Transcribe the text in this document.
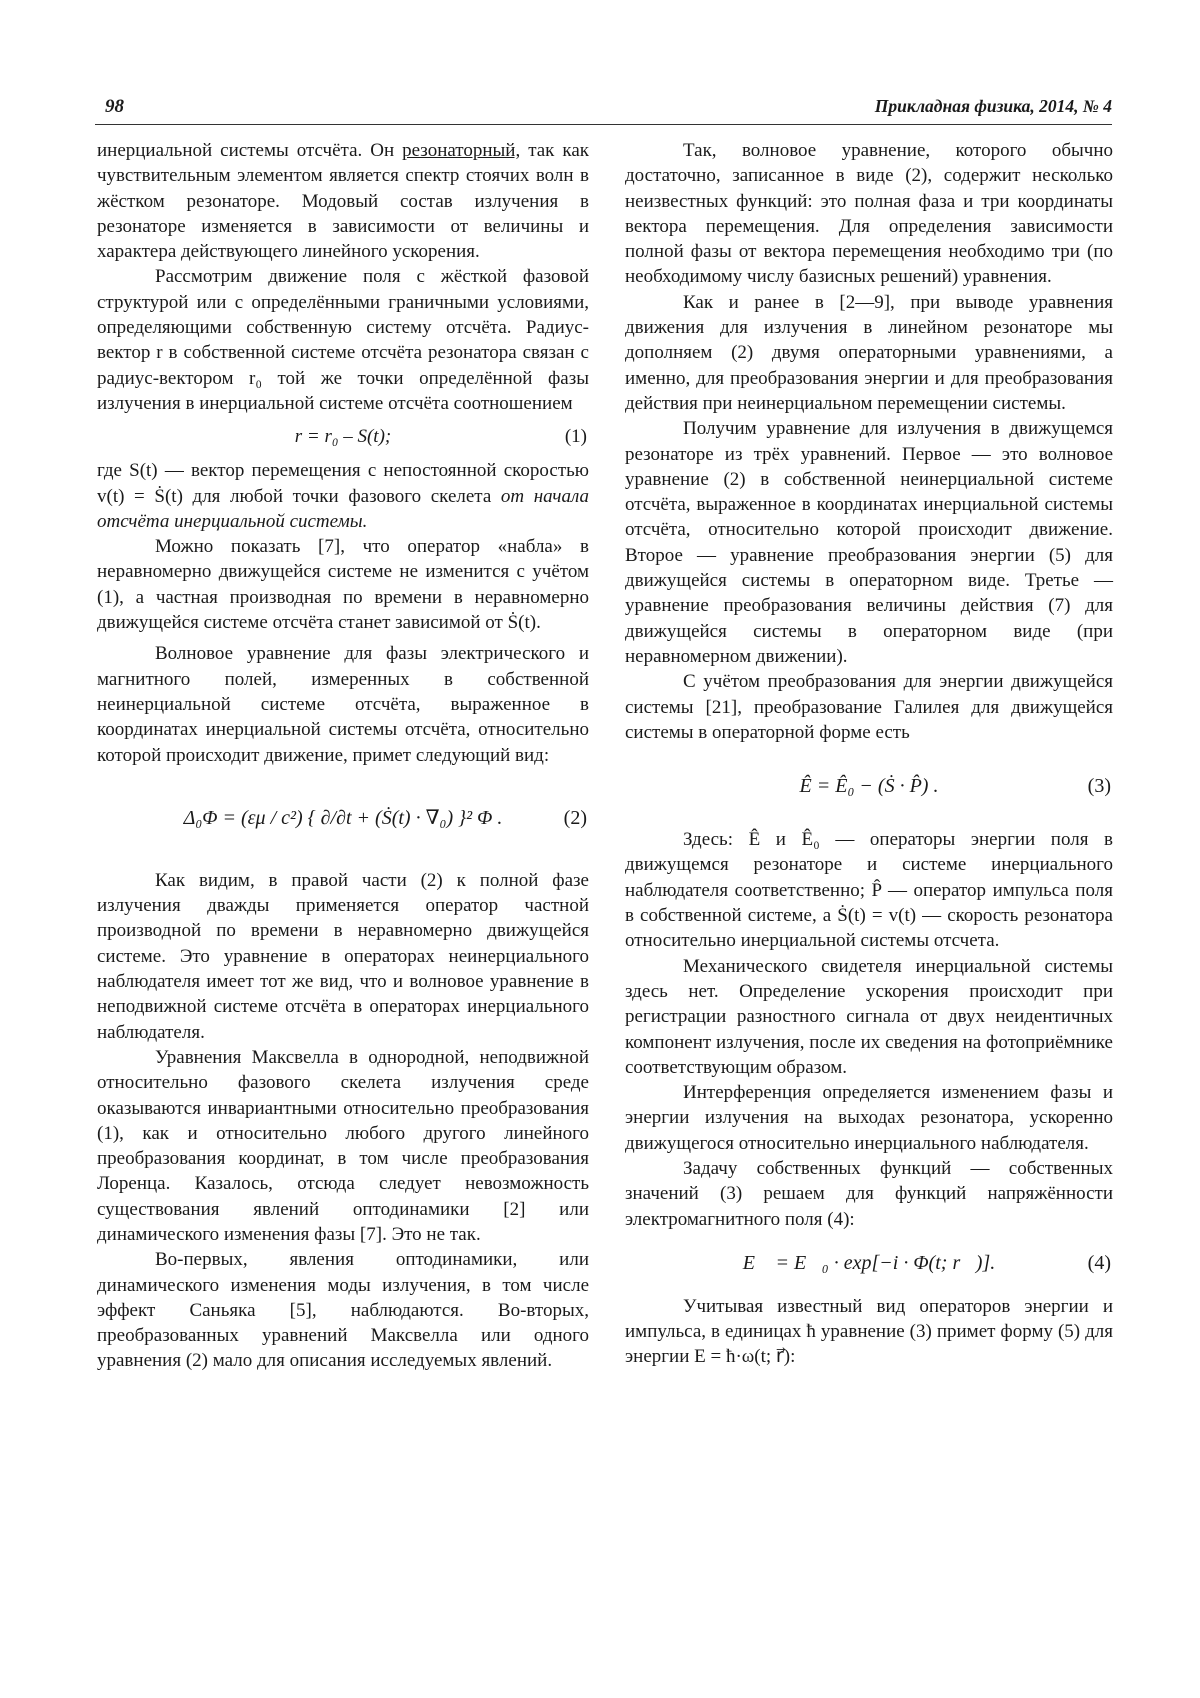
98	Прикладная физика, 2014, № 4

инерциальной системы отсчёта. Он резонаторный, так как чувствительным элементом является спектр стоячих волн в жёстком резонаторе. Модовый состав излучения в резонаторе изменяется в зависимости от величины и характера действующего линейного ускорения.

Рассмотрим движение поля с жёсткой фазовой структурой или с определёнными граничными условиями, определяющими собственную систему отсчёта. Радиус-вектор r в собственной системе отсчёта резонатора связан с радиус-вектором r₀ той же точки определённой фазы излучения в инерциальной системе отсчёта соотношением

r = r₀ – S(t);	(1)

где S(t) — вектор перемещения с непостоянной скоростью v(t) = Ṡ(t) для любой точки фазового скелета от начала отсчёта инерциальной системы.

Можно показать [7], что оператор «набла» в неравномерно движущейся системе не изменится с учётом (1), а частная производная по времени в неравномерно движущейся системе отсчёта станет зависимой от Ṡ(t).

Волновое уравнение для фазы электрического и магнитного полей, измеренных в собственной неинерциальной системе отсчёта, выраженное в координатах инерциальной системы отсчёта, относительно которой происходит движение, примет следующий вид:

Δ₀Φ = (εμ / c²) { ∂/∂t + (Ṡ(t) · ∇₀) }² Φ .	(2)

Как видим, в правой части (2) к полной фазе излучения дважды применяется оператор частной производной по времени в неравномерно движущейся системе. Это уравнение в операторах неинерциального наблюдателя имеет тот же вид, что и волновое уравнение в неподвижной системе отсчёта в операторах инерциального наблюдателя.

Уравнения Максвелла в однородной, неподвижной относительно фазового скелета излучения среде оказываются инвариантными относительно преобразования (1), как и относительно любого другого линейного преобразования координат, в том числе преобразования Лоренца. Казалось, отсюда следует невозможность существования явлений оптодинамики [2] или динамического изменения фазы [7]. Это не так.

Во-первых, явления оптодинамики, или динамического изменения моды излучения, в том числе эффект Саньяка [5], наблюдаются. Во-вторых, преобразованных уравнений Максвелла или одного уравнения (2) мало для описания исследуемых явлений.

Так, волновое уравнение, которого обычно достаточно, записанное в виде (2), содержит несколько неизвестных функций: это полная фаза и три координаты вектора перемещения. Для определения зависимости полной фазы от вектора перемещения необходимо три (по необходимому числу базисных решений) уравнения.

Как и ранее в [2—9], при выводе уравнения движения для излучения в линейном резонаторе мы дополняем (2) двумя операторными уравнениями, а именно, для преобразования энергии и для преобразования действия при неинерциальном перемещении системы.

Получим уравнение для излучения в движущемся резонаторе из трёх уравнений. Первое — это волновое уравнение (2) в собственной неинерциальной системе отсчёта, выраженное в координатах инерциальной системы отсчёта, относительно которой происходит движение. Второе — уравнение преобразования энергии (5) для движущейся системы в операторном виде. Третье — уравнение преобразования величины действия (7) для движущейся системы в операторном виде (при неравномерном движении).

С учётом преобразования для энергии движущейся системы [21], преобразование Галилея для движущейся системы в операторной форме есть

Ê = Ê₀ − (Ṡ · P̂) .	(3)

Здесь: Ê и Ê₀ — операторы энергии поля в движущемся резонаторе и системе инерциального наблюдателя соответственно; P̂ — оператор импульса поля в собственной системе, а Ṡ(t) = v(t) — скорость резонатора относительно инерциальной системы отсчета.

Механического свидетеля инерциальной системы здесь нет. Определение ускорения происходит при регистрации разностного сигнала от двух неидентичных компонент излучения, после их сведения на фотоприёмнике соответствующим образом.

Интерференция определяется изменением фазы и энергии излучения на выходах резонатора, ускоренно движущегося относительно инерциального наблюдателя.

Задачу собственных функций — собственных значений (3) решаем для функций напряжённости электромагнитного поля (4):

E⃗ = E⃗₀ · exp[−i · Φ(t; r⃗)].	(4)

Учитывая известный вид операторов энергии и импульса, в единицах ħ уравнение (3) примет форму (5) для энергии E = ħ·ω(t; r⃗):
